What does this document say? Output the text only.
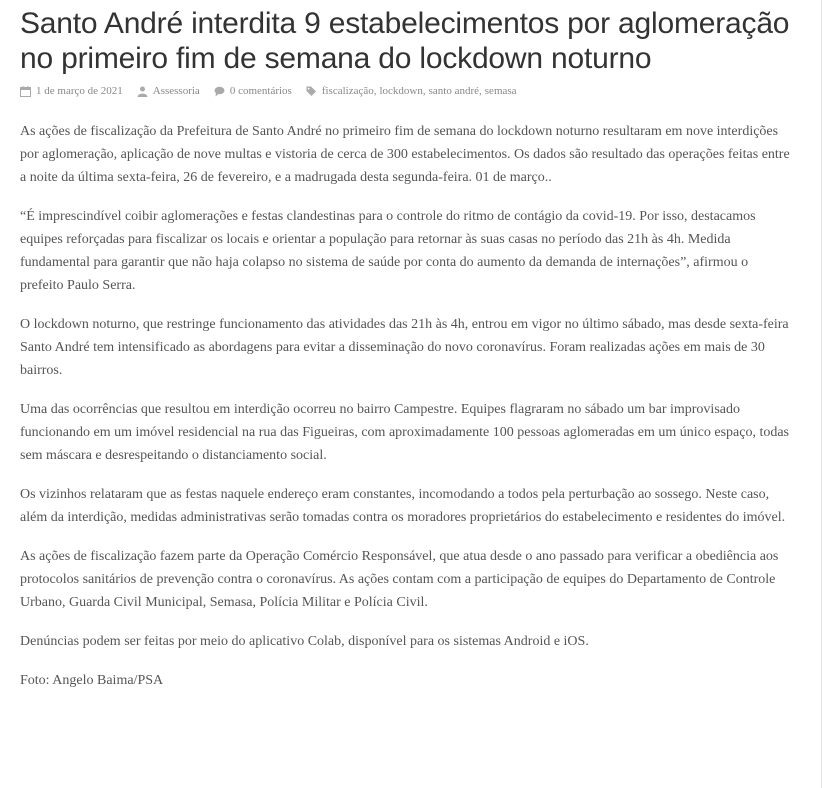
Santo André interdita 9 estabelecimentos por aglomeração no primeiro fim de semana do lockdown noturno
1 de março de 2021	Assessoria	0 comentários	fiscalização , lockdown , santo andré , semasa

As ações de fiscalização da Prefeitura de Santo André no primeiro fim de semana do lockdown noturno resultaram em nove interdições por aglomeração, aplicação de nove multas e vistoria de cerca de 300 estabelecimentos. Os dados são resultado das operações feitas entre a noite da última sexta-feira, 26 de fevereiro, e a madrugada desta segunda-feira. 01 de março..

“É imprescindível coibir aglomerações e festas clandestinas para o controle do ritmo de contágio da covid-19. Por isso, destacamos equipes reforçadas para fiscalizar os locais e orientar a população para retornar às suas casas no período das 21h às 4h. Medida fundamental para garantir que não haja colapso no sistema de saúde por conta do aumento da demanda de internações”, afirmou o prefeito Paulo Serra.

O lockdown noturno, que restringe funcionamento das atividades das 21h às 4h, entrou em vigor no último sábado, mas desde sexta-feira Santo André tem intensificado as abordagens para evitar a disseminação do novo coronavírus. Foram realizadas ações em mais de 30 bairros.

Uma das ocorrências que resultou em interdição ocorreu no bairro Campestre. Equipes flagraram no sábado um bar improvisado funcionando em um imóvel residencial na rua das Figueiras, com aproximadamente 100 pessoas aglomeradas em um único espaço, todas sem máscara e desrespeitando o distanciamento social.

Os vizinhos relataram que as festas naquele endereço eram constantes, incomodando a todos pela perturbação ao sossego. Neste caso, além da interdição, medidas administrativas serão tomadas contra os moradores proprietários do estabelecimento e residentes do imóvel.

As ações de fiscalização fazem parte da Operação Comércio Responsável, que atua desde o ano passado para verificar a obediência aos protocolos sanitários de prevenção contra o coronavírus. As ações contam com a participação de equipes do Departamento de Controle Urbano, Guarda Civil Municipal, Semasa, Polícia Militar e Polícia Civil.

Denúncias podem ser feitas por meio do aplicativo Colab, disponível para os sistemas Android e iOS.

Foto: Angelo Baima/PSA
